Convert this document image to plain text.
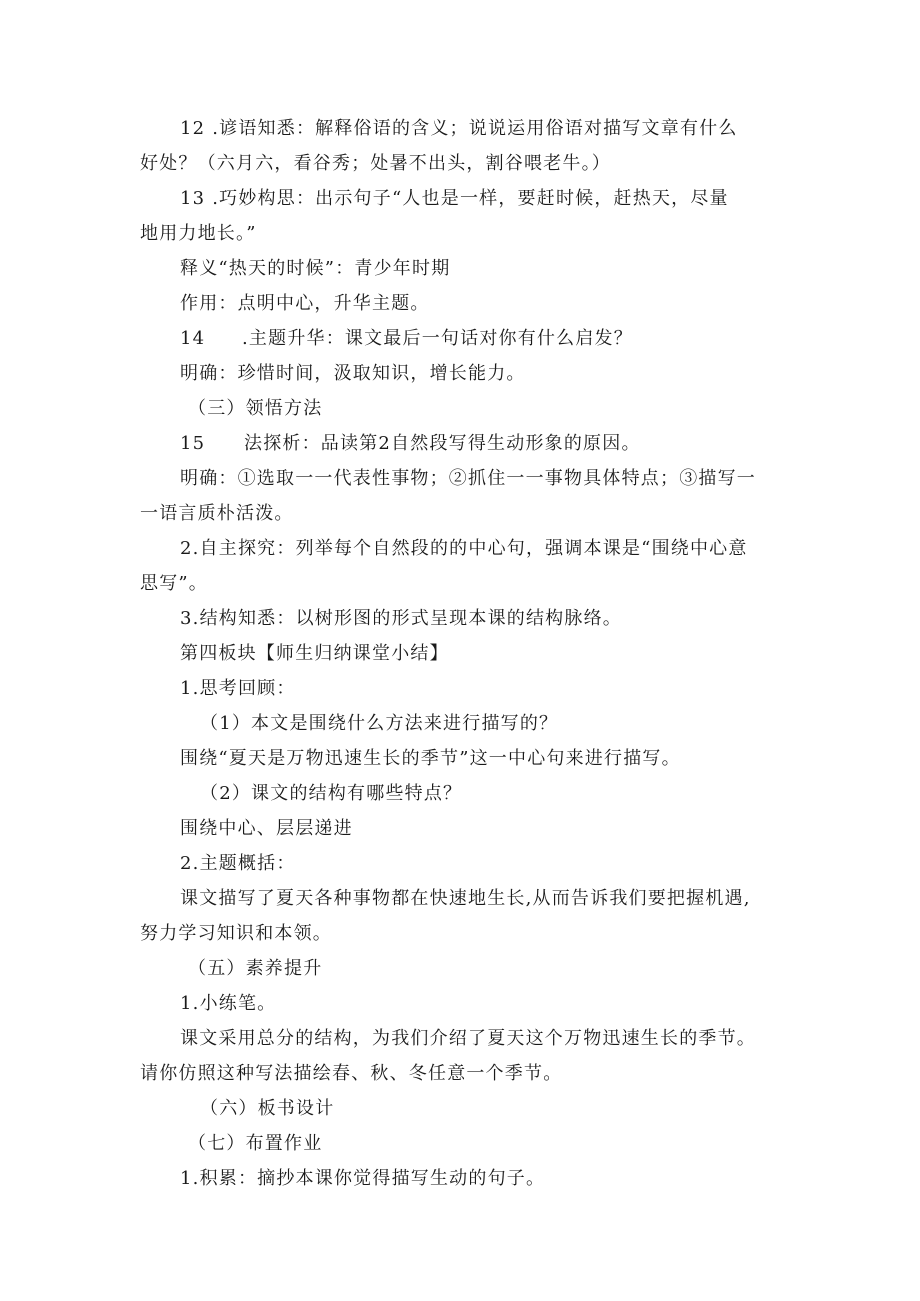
12 .谚语知悉：解释俗语的含义；说说运用俗语对描写文章有什么
好处？（六月六，看谷秀；处暑不出头，割谷喂老牛。）
13 .巧妙构思：出示句子“人也是一样，要赶时候，赶热天，尽量
地用力地长。”
释义“热天的时候”：青少年时期
作用：点明中心，升华主题。
14 .主题升华：课文最后一句话对你有什么启发？
明确：珍惜时间，汲取知识，增长能力。
（三）领悟方法
15 法探析：品读第2自然段写得生动形象的原因。
明确：①选取一一代表性事物；②抓住一一事物具体特点；③描写一
一语言质朴活泼。
2.自主探究：列举每个自然段的的中心句，强调本课是“围绕中心意
思写”。
3.结构知悉：以树形图的形式呈现本课的结构脉络。
第四板块【师生归纳课堂小结】
1.思考回顾：
（1）本文是围绕什么方法来进行描写的？
围绕“夏天是万物迅速生长的季节”这一中心句来进行描写。
（2）课文的结构有哪些特点？
围绕中心、层层递进
2.主题概括：
课文描写了夏天各种事物都在快速地生长,从而告诉我们要把握机遇,
努力学习知识和本领。
（五）素养提升
1.小练笔。
课文采用总分的结构，为我们介绍了夏天这个万物迅速生长的季节。
请你仿照这种写法描绘春、秋、冬任意一个季节。
（六）板书设计
（七）布置作业
1.积累：摘抄本课你觉得描写生动的句子。
